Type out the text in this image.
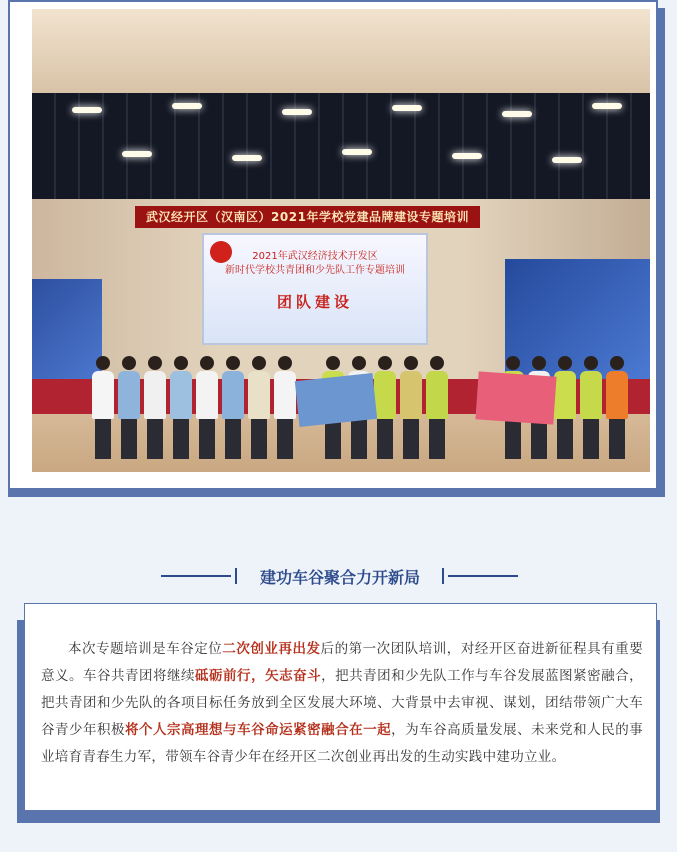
武汉经开区（汉南区）2021年学校党建品牌建设专题培训
2021年武汉经济技术开发区
新时代学校共青团和少先队工作专题培训
团队建设
建功车谷聚合力开新局
本次专题培训是车谷定位二次创业再出发后的第一次团队培训，对经开区奋进新征程具有重要意义。车谷共青团将继续砥砺前行，矢志奋斗，把共青团和少先队工作与车谷发展蓝图紧密融合，把共青团和少先队的各项目标任务放到全区发展大环境、大背景中去审视、谋划，团结带领广大车谷青少年积极将个人宗高理想与车谷命运紧密融合在一起，为车谷高质量发展、未来党和人民的事业培育青春生力军，带领车谷青少年在经开区二次创业再出发的生动实践中建功立业。
